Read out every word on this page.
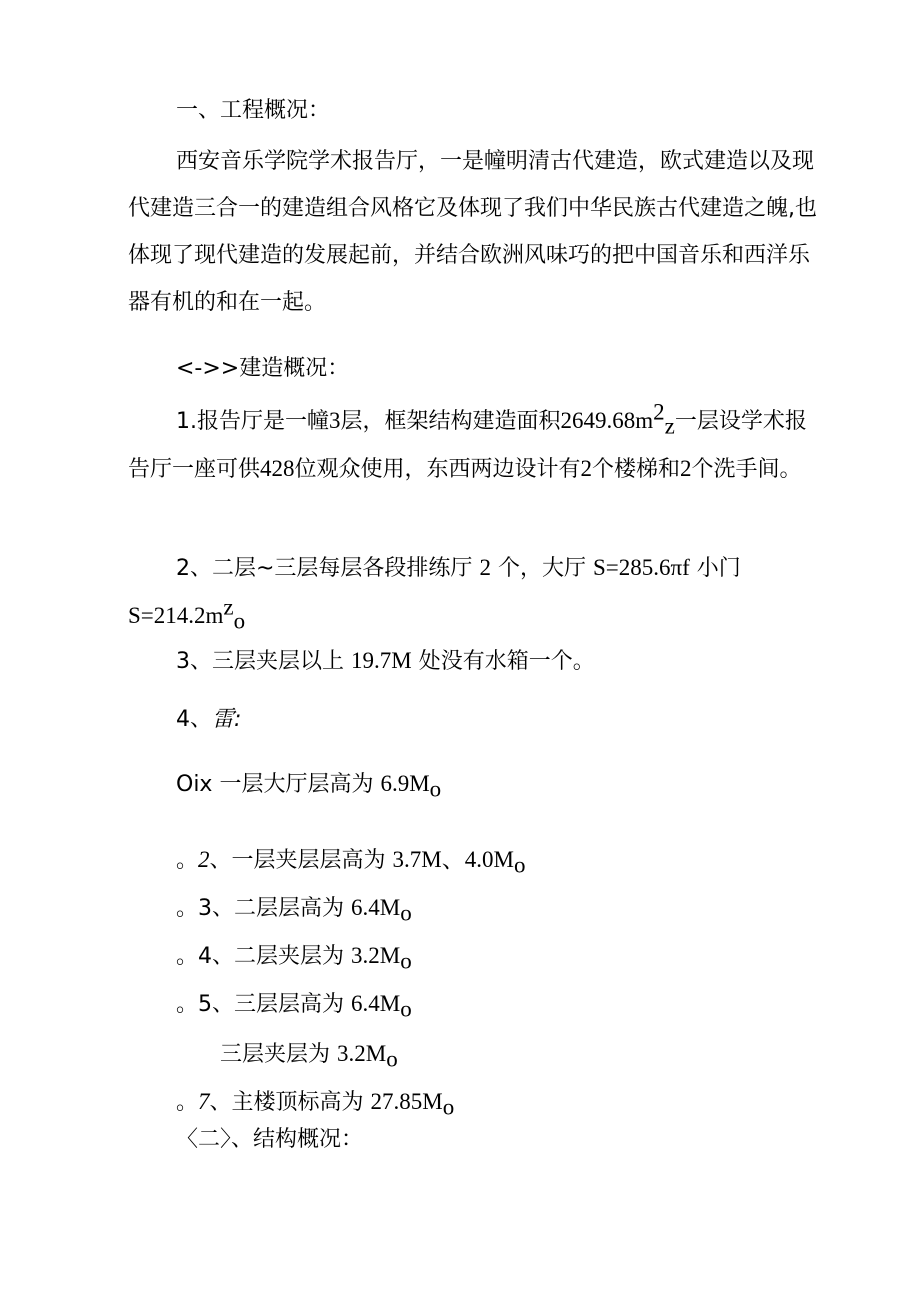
一、工程概况：
西安音乐学院学术报告厅，一是幢明清古代建造，欧式建造以及现代建造三合一的建造组合风格它及体现了我们中华民族古代建造之魄,也体现了现代建造的发展起前，并结合欧洲风味巧的把中国音乐和西洋乐器有机的和在一起。
<->>建造概况：
1.报告厅是一幢3层，框架结构建造面积$2649.68m^2_z$一层设学术报告厅一座可供428位观众使用，东西两边设计有2个楼梯和2个洗手间。
2、二层~三层每层各段排练厅 2 个，大厅 S=285.6πf 小门 $S=214.2m^z_o$
3、三层夹层以上 19.7M 处没有水箱一个。
4、雷:
Oix 一层大厅层高为 $6.9M_o$
。2、一层夹层层高为 3.7M、$4.0M_o$
。3、二层层高为 $6.4M_o$
。4、二层夹层为 $3.2M_o$
。5、三层层高为 $6.4M_o$
三层夹层为 $3.2M_o$
。7、主楼顶标高为 $27.85M_o$
〈二〉、结构概况：
